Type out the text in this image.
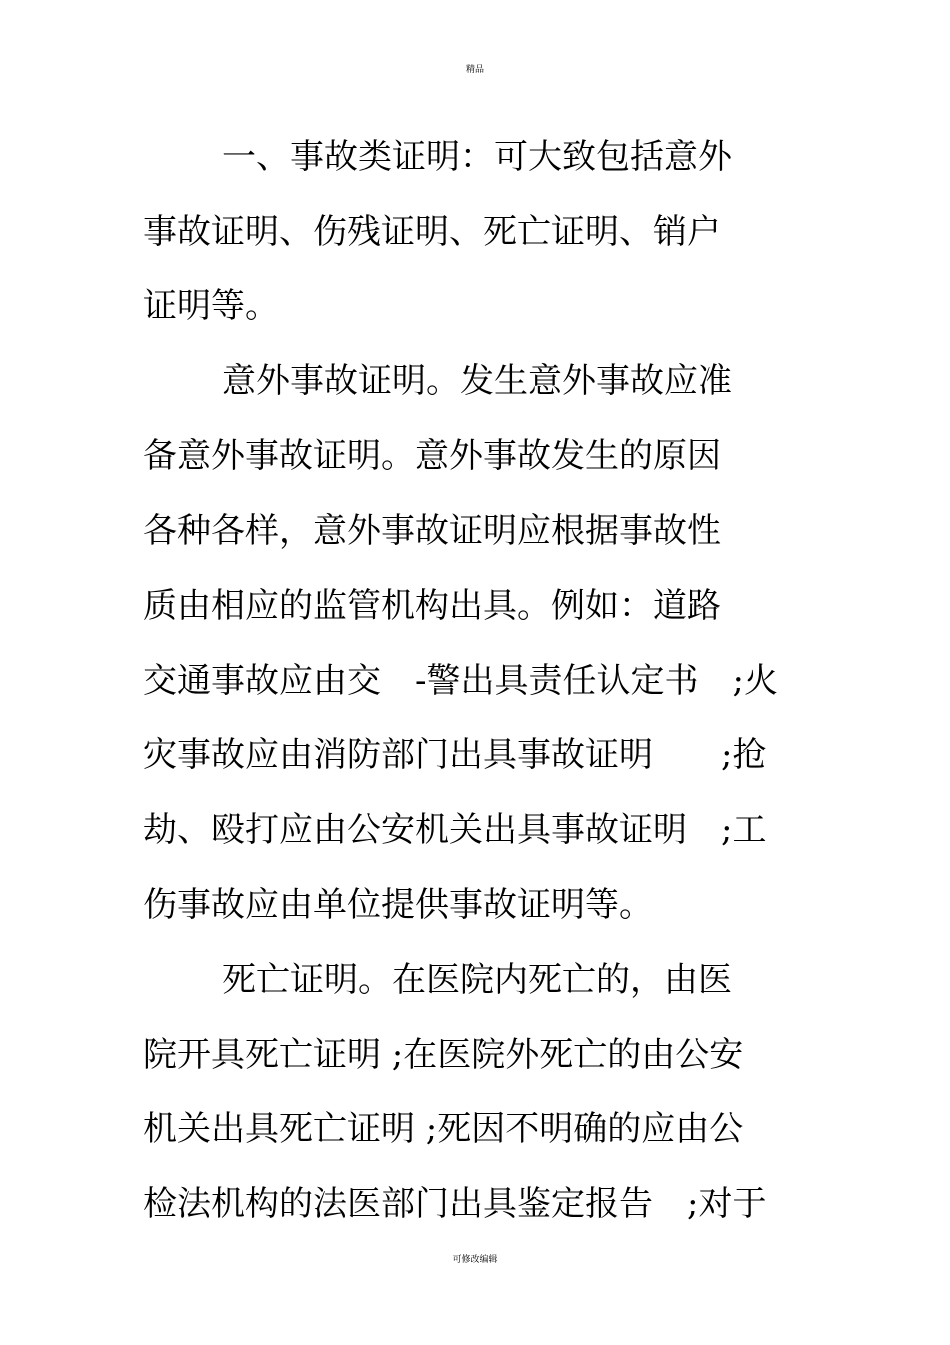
精品
一、事故类证明：可大致包括意外
事故证明、伤残证明、死亡证明、销户
证明等。
意外事故证明。发生意外事故应准
备意外事故证明。意外事故发生的原因
各种各样，意外事故证明应根据事故性
质由相应的监管机构出具。例如：道路
交通事故应由交　-警出具责任认定书　;火
灾事故应由消防部门出具事故证明　　;抢
劫、殴打应由公安机关出具事故证明　;工
伤事故应由单位提供事故证明等。
死亡证明。在医院内死亡的，由医
院开具死亡证明 ;在医院外死亡的由公安
机关出具死亡证明 ;死因不明确的应由公
检法机构的法医部门出具鉴定报告　;对于
可修改编辑
